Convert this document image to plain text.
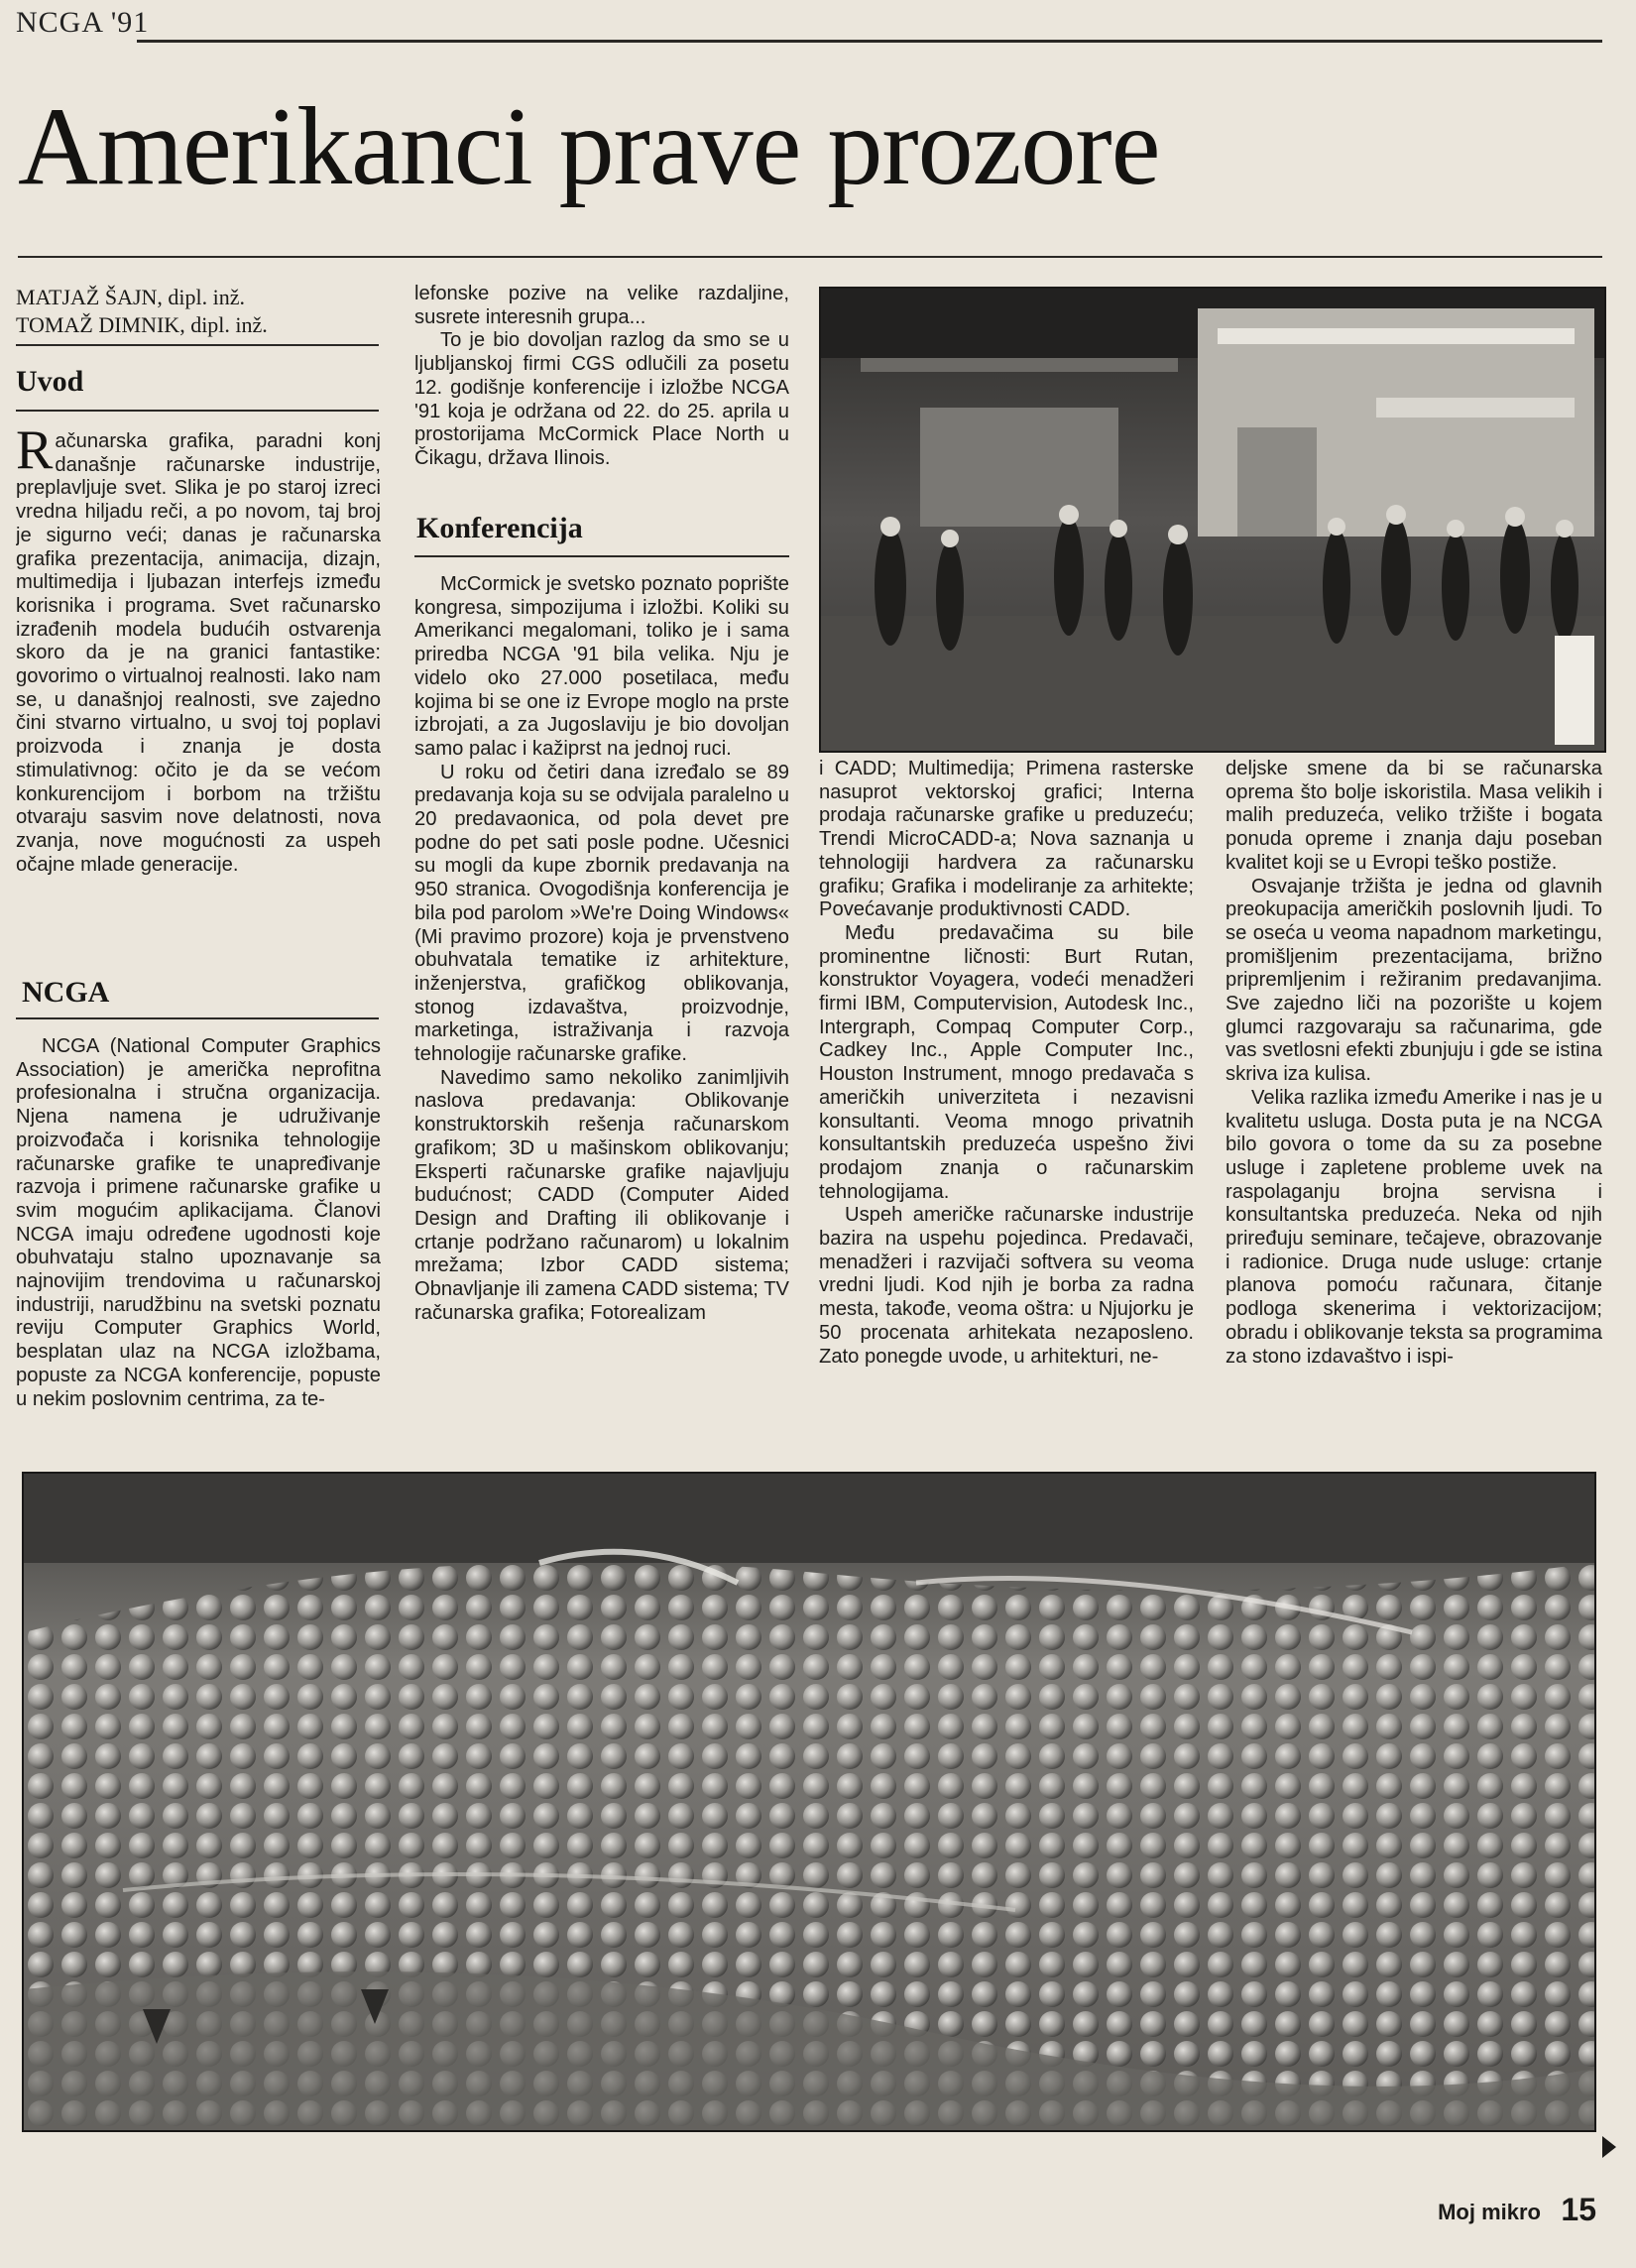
NCGA '91
Amerikanci prave prozore
MATJAŽ ŠAJN, dipl. inž.
TOMAŽ DIMNIK, dipl. inž.
Uvod
R ačunarska grafika, paradni konj današnje računarske industrije, preplavljuje svet. Slika je po staroj izreci vredna hiljadu reči, a po novom, taj broj je sigurno veći; danas je računarska grafika prezentacija, animacija, dizajn, multimedija i ljubazan interfejs između korisnika i programa. Svet računarsko izrađenih modela budućih ostvarenja skoro da je na granici fantastike: govorimo o virtualnoj realnosti. Iako nam se, u današnjoj realnosti, sve zajedno čini stvarno virtualno, u svoj toj poplavi proizvoda i znanja je dosta stimulativnog: očito je da se većom konkurencijom i borbom na tržištu otvaraju sasvim nove delatnosti, nova zvanja, nove mogućnosti za uspeh očajne mlade generacije.

NCGA

NCGA (National Computer Graphics Association) je američka neprofitna profesionalna i stručna organizacija. Njena namena je udruživanje proizvođača i korisnika tehnologije računarske grafike te unapređivanje razvoja i primene računarske grafike u svim mogućim aplikacijama. Članovi NCGA imaju određene ugodnosti koje obuhvataju stalno upoznavanje sa najnovijim trendovima u računarskoj industriji, narudžbinu na svetski poznatu reviju Computer Graphics World, besplatan ulaz na NCGA izložbama, popuste za NCGA konferencije, popuste u nekim poslovnim centrima, za te-

lefonske pozive na velike razdaljine, susrete interesnih grupa...

To je bio dovoljan razlog da smo se u ljubljanskoj firmi CGS odlučili za posetu 12. godišnje konferencije i izložbe NCGA '91 koja je održana od 22. do 25. aprila u prostorijama McCormick Place North u Čikagu, država Ilinois.

Konferencija

McCormick je svetsko poznato poprište kongresa, simpozijuma i izložbi. Koliki su Amerikanci megalomani, toliko je i sama priredba NCGA '91 bila velika. Nju je videlo oko 27.000 posetilaca, među kojima bi se one iz Evrope moglo na prste izbrojati, a za Jugoslaviju je bio dovoljan samo palac i kažiprst na jednoj ruci.

U roku od četiri dana izređalo se 89 predavanja koja su se odvijala paralelno u 20 predavaonica, od pola devet pre podne do pet sati posle podne. Učesnici su mogli da kupe zbornik predavanja na 950 stranica. Ovogodišnja konferencija je bila pod parolom »We're Doing Windows« (Mi pravimo prozore) koja je prvenstveno obuhvatala tematike iz arhitekture, inženjerstva, grafičkog oblikovanja, stonog izdavaštva, proizvodnje, marketinga, istraživanja i razvoja tehnologije računarske grafike.

Navedimo samo nekoliko zanimljivih naslova predavanja: Oblikovanje konstruktorskih rešenja računarskom grafikom; 3D u mašinskom oblikovanju; Eksperti računarske grafike najavljuju budućnost; CADD (Computer Aided Design and Drafting ili oblikovanje i crtanje podržano računarom) u lokalnim mrežama; Izbor CADD sistema; Obnavljanje ili zamena CADD sistema; TV računarska grafika; Fotorealizam

i CADD; Multimedija; Primena rasterske nasuprot vektorskoj grafici; Interna prodaja računarske grafike u preduzeću; Trendi MicroCADD-a; Nova saznanja u tehnologiji hardvera za računarsku grafiku; Grafika i modeliranje za arhitekte; Povećavanje produktivnosti CADD.

Među predavačima su bile prominentne ličnosti: Burt Rutan, konstruktor Voyagera, vodeći menadžeri firmi IBM, Computervision, Autodesk Inc., Intergraph, Compaq Computer Corp., Cadkey Inc., Apple Computer Inc., Houston Instrument, mnogo predavača s američkih univerziteta i nezavisni konsultanti. Veoma mnogo privatnih konsultantskih preduzeća uspešno živi prodajom znanja o računarskim tehnologijama.

Uspeh američke računarske industrije bazira na uspehu pojedinca. Predavači, menadžeri i razvijači softvera su veoma vredni ljudi. Kod njih je borba za radna mesta, takođe, veoma oštra: u Njujorku je 50 procenata arhitekata nezaposleno. Zato ponegde uvode, u arhitekturi, ne-

deljske smene da bi se računarska oprema što bolje iskoristila. Masa velikih i malih preduzeća, veliko tržište i bogata ponuda opreme i znanja daju poseban kvalitet koji se u Evropi teško postiže.

Osvajanje tržišta je jedna od glavnih preokupacija američkih poslovnih ljudi. To se oseća u veoma napadnom marketingu, promišljenim prezentacijama, brižno pripremljenim i režiranim predavanjima. Sve zajedno liči na pozorište u kojem glumci razgovaraju sa računarima, gde vas svetlosni efekti zbunjuju i gde se istina skriva iza kulisa.

Velika razlika između Amerike i nas je u kvalitetu usluga. Dosta puta je na NCGA bilo govora o tome da su za posebne usluge i zapletene probleme uvek na raspolaganju brojna servisna i konsultantska preduzeća. Neka od njih priređuju seminare, tečajeve, obrazovanje i radionice. Druga nude usluge: crtanje planova pomoću računara, čitanje podloga skenerima i vektorizacijом; obradu i oblikovanje teksta sa programima za stono izdavaštvo i ispi-

Moj mikro 15
